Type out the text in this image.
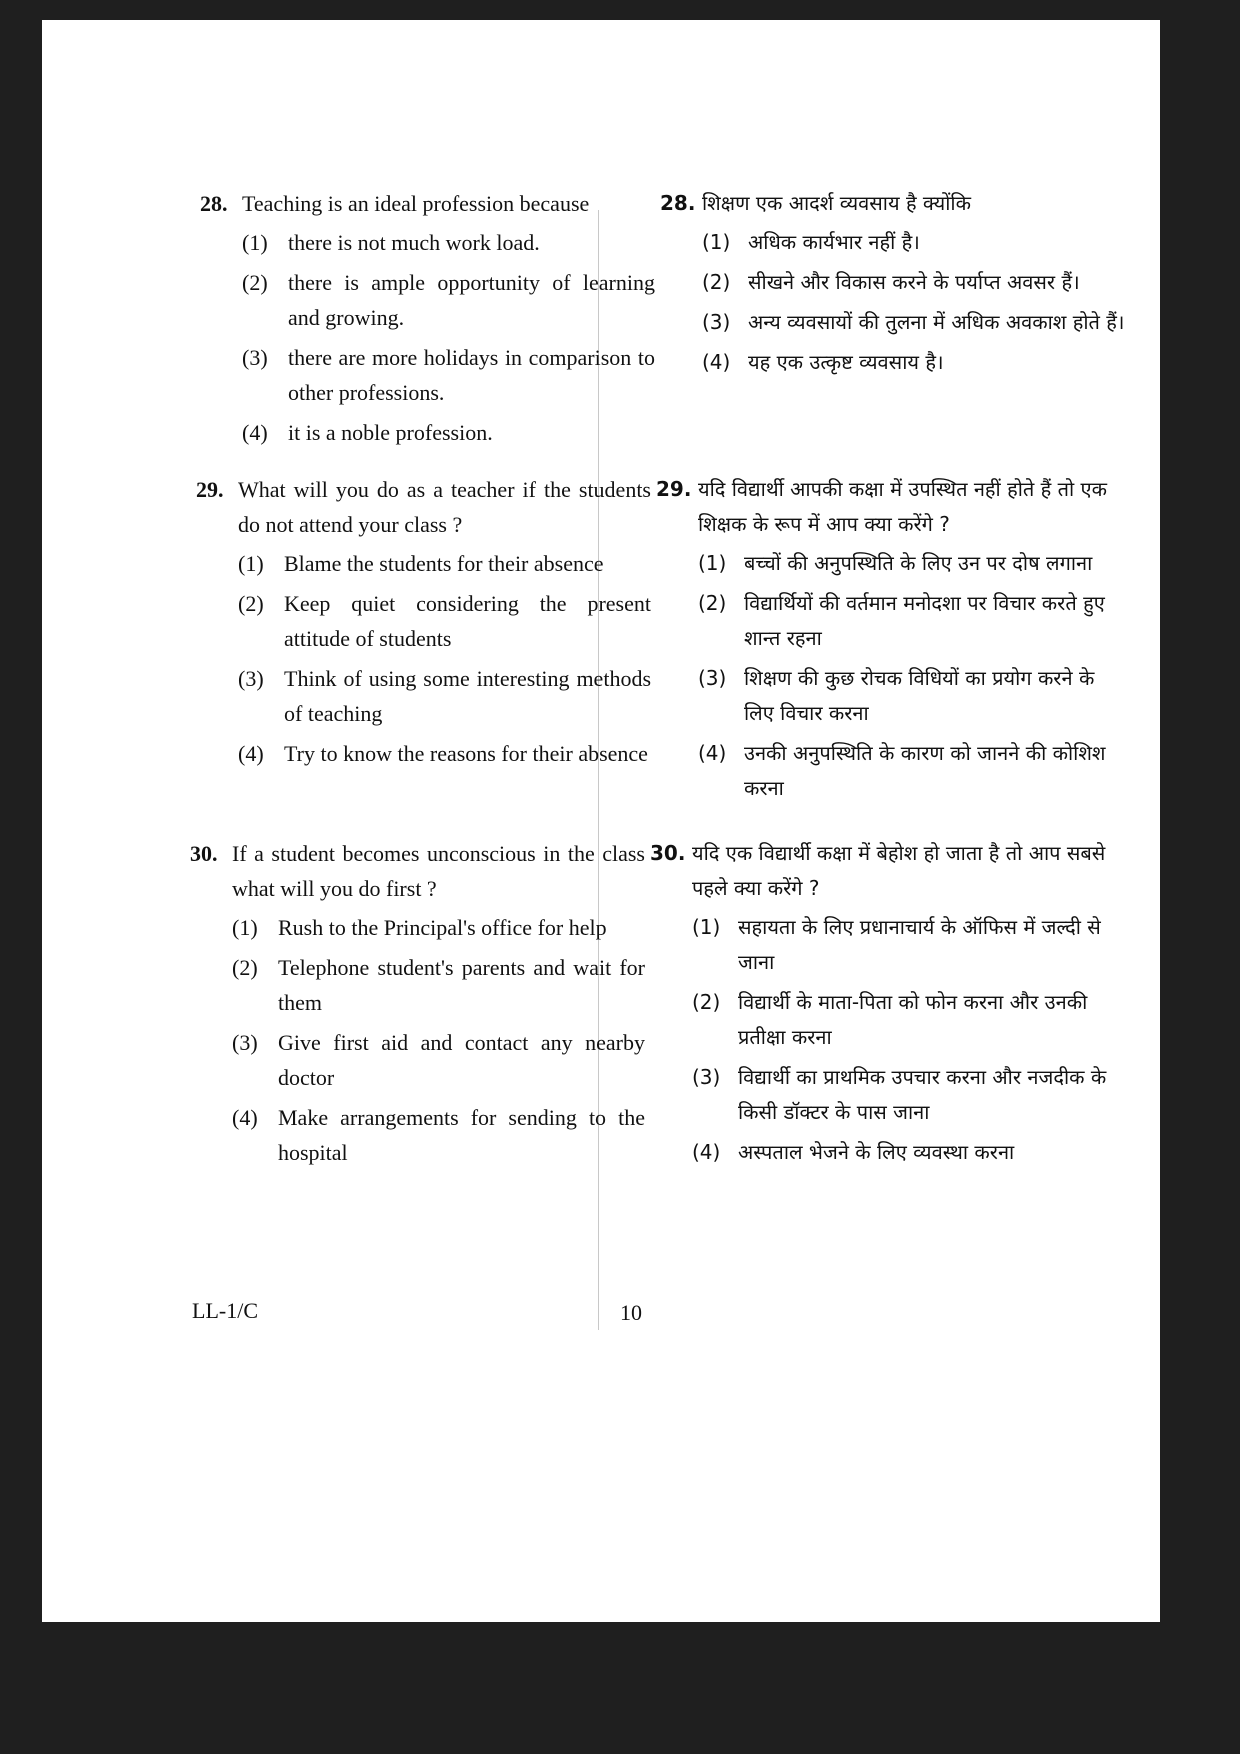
28. Teaching is an ideal profession because
(1) there is not much work load.
(2) there is ample opportunity of learning and growing.
(3) there are more holidays in comparison to other professions.
(4) it is a noble profession.
28. शिक्षण एक आदर्श व्यवसाय है क्योंकि
(1) अधिक कार्यभार नहीं है।
(2) सीखने और विकास करने के पर्याप्त अवसर हैं।
(3) अन्य व्यवसायों की तुलना में अधिक अवकाश होते हैं।
(4) यह एक उत्कृष्ट व्यवसाय है।
29. What will you do as a teacher if the students do not attend your class ?
(1) Blame the students for their absence
(2) Keep quiet considering the present attitude of students
(3) Think of using some interesting methods of teaching
(4) Try to know the reasons for their absence
29. यदि विद्यार्थी आपकी कक्षा में उपस्थित नहीं होते हैं तो एक शिक्षक के रूप में आप क्या करेंगे ?
(1) बच्चों की अनुपस्थिति के लिए उन पर दोष लगाना
(2) विद्यार्थियों की वर्तमान मनोदशा पर विचार करते हुए शान्त रहना
(3) शिक्षण की कुछ रोचक विधियों का प्रयोग करने के लिए विचार करना
(4) उनकी अनुपस्थिति के कारण को जानने की कोशिश करना
30. If a student becomes unconscious in the class what will you do first ?
(1) Rush to the Principal's office for help
(2) Telephone student's parents and wait for them
(3) Give first aid and contact any nearby doctor
(4) Make arrangements for sending to the hospital
30. यदि एक विद्यार्थी कक्षा में बेहोश हो जाता है तो आप सबसे पहले क्या करेंगे ?
(1) सहायता के लिए प्रधानाचार्य के ऑफिस में जल्दी से जाना
(2) विद्यार्थी के माता-पिता को फोन करना और उनकी प्रतीक्षा करना
(3) विद्यार्थी का प्राथमिक उपचार करना और नजदीक के किसी डॉक्टर के पास जाना
(4) अस्पताल भेजने के लिए व्यवस्था करना
LL-1/C	10
